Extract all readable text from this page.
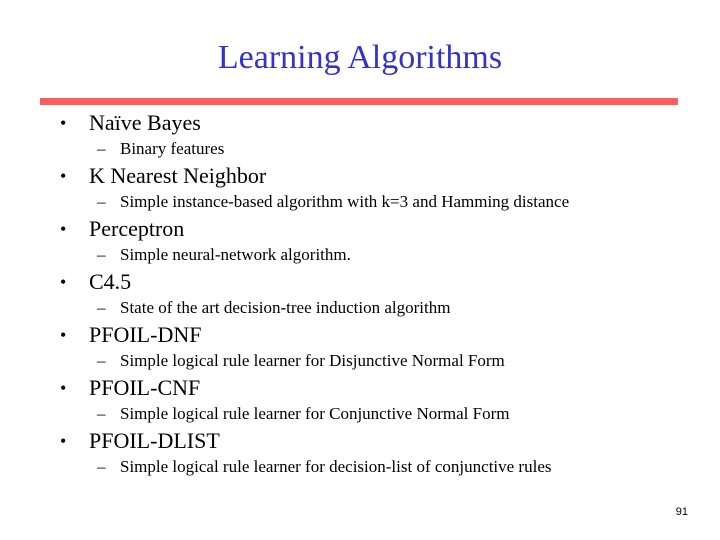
Learning Algorithms
•	Naïve Bayes
– Binary features
•	K Nearest Neighbor
– Simple instance-based algorithm with k=3 and Hamming distance
•	Perceptron
– Simple neural-network algorithm.
•	C4.5
– State of the art decision-tree induction algorithm
•	PFOIL-DNF
– Simple logical rule learner for Disjunctive Normal Form
•	PFOIL-CNF
– Simple logical rule learner for Conjunctive Normal Form
•	PFOIL-DLIST
– Simple logical rule learner for decision-list of conjunctive rules
91
